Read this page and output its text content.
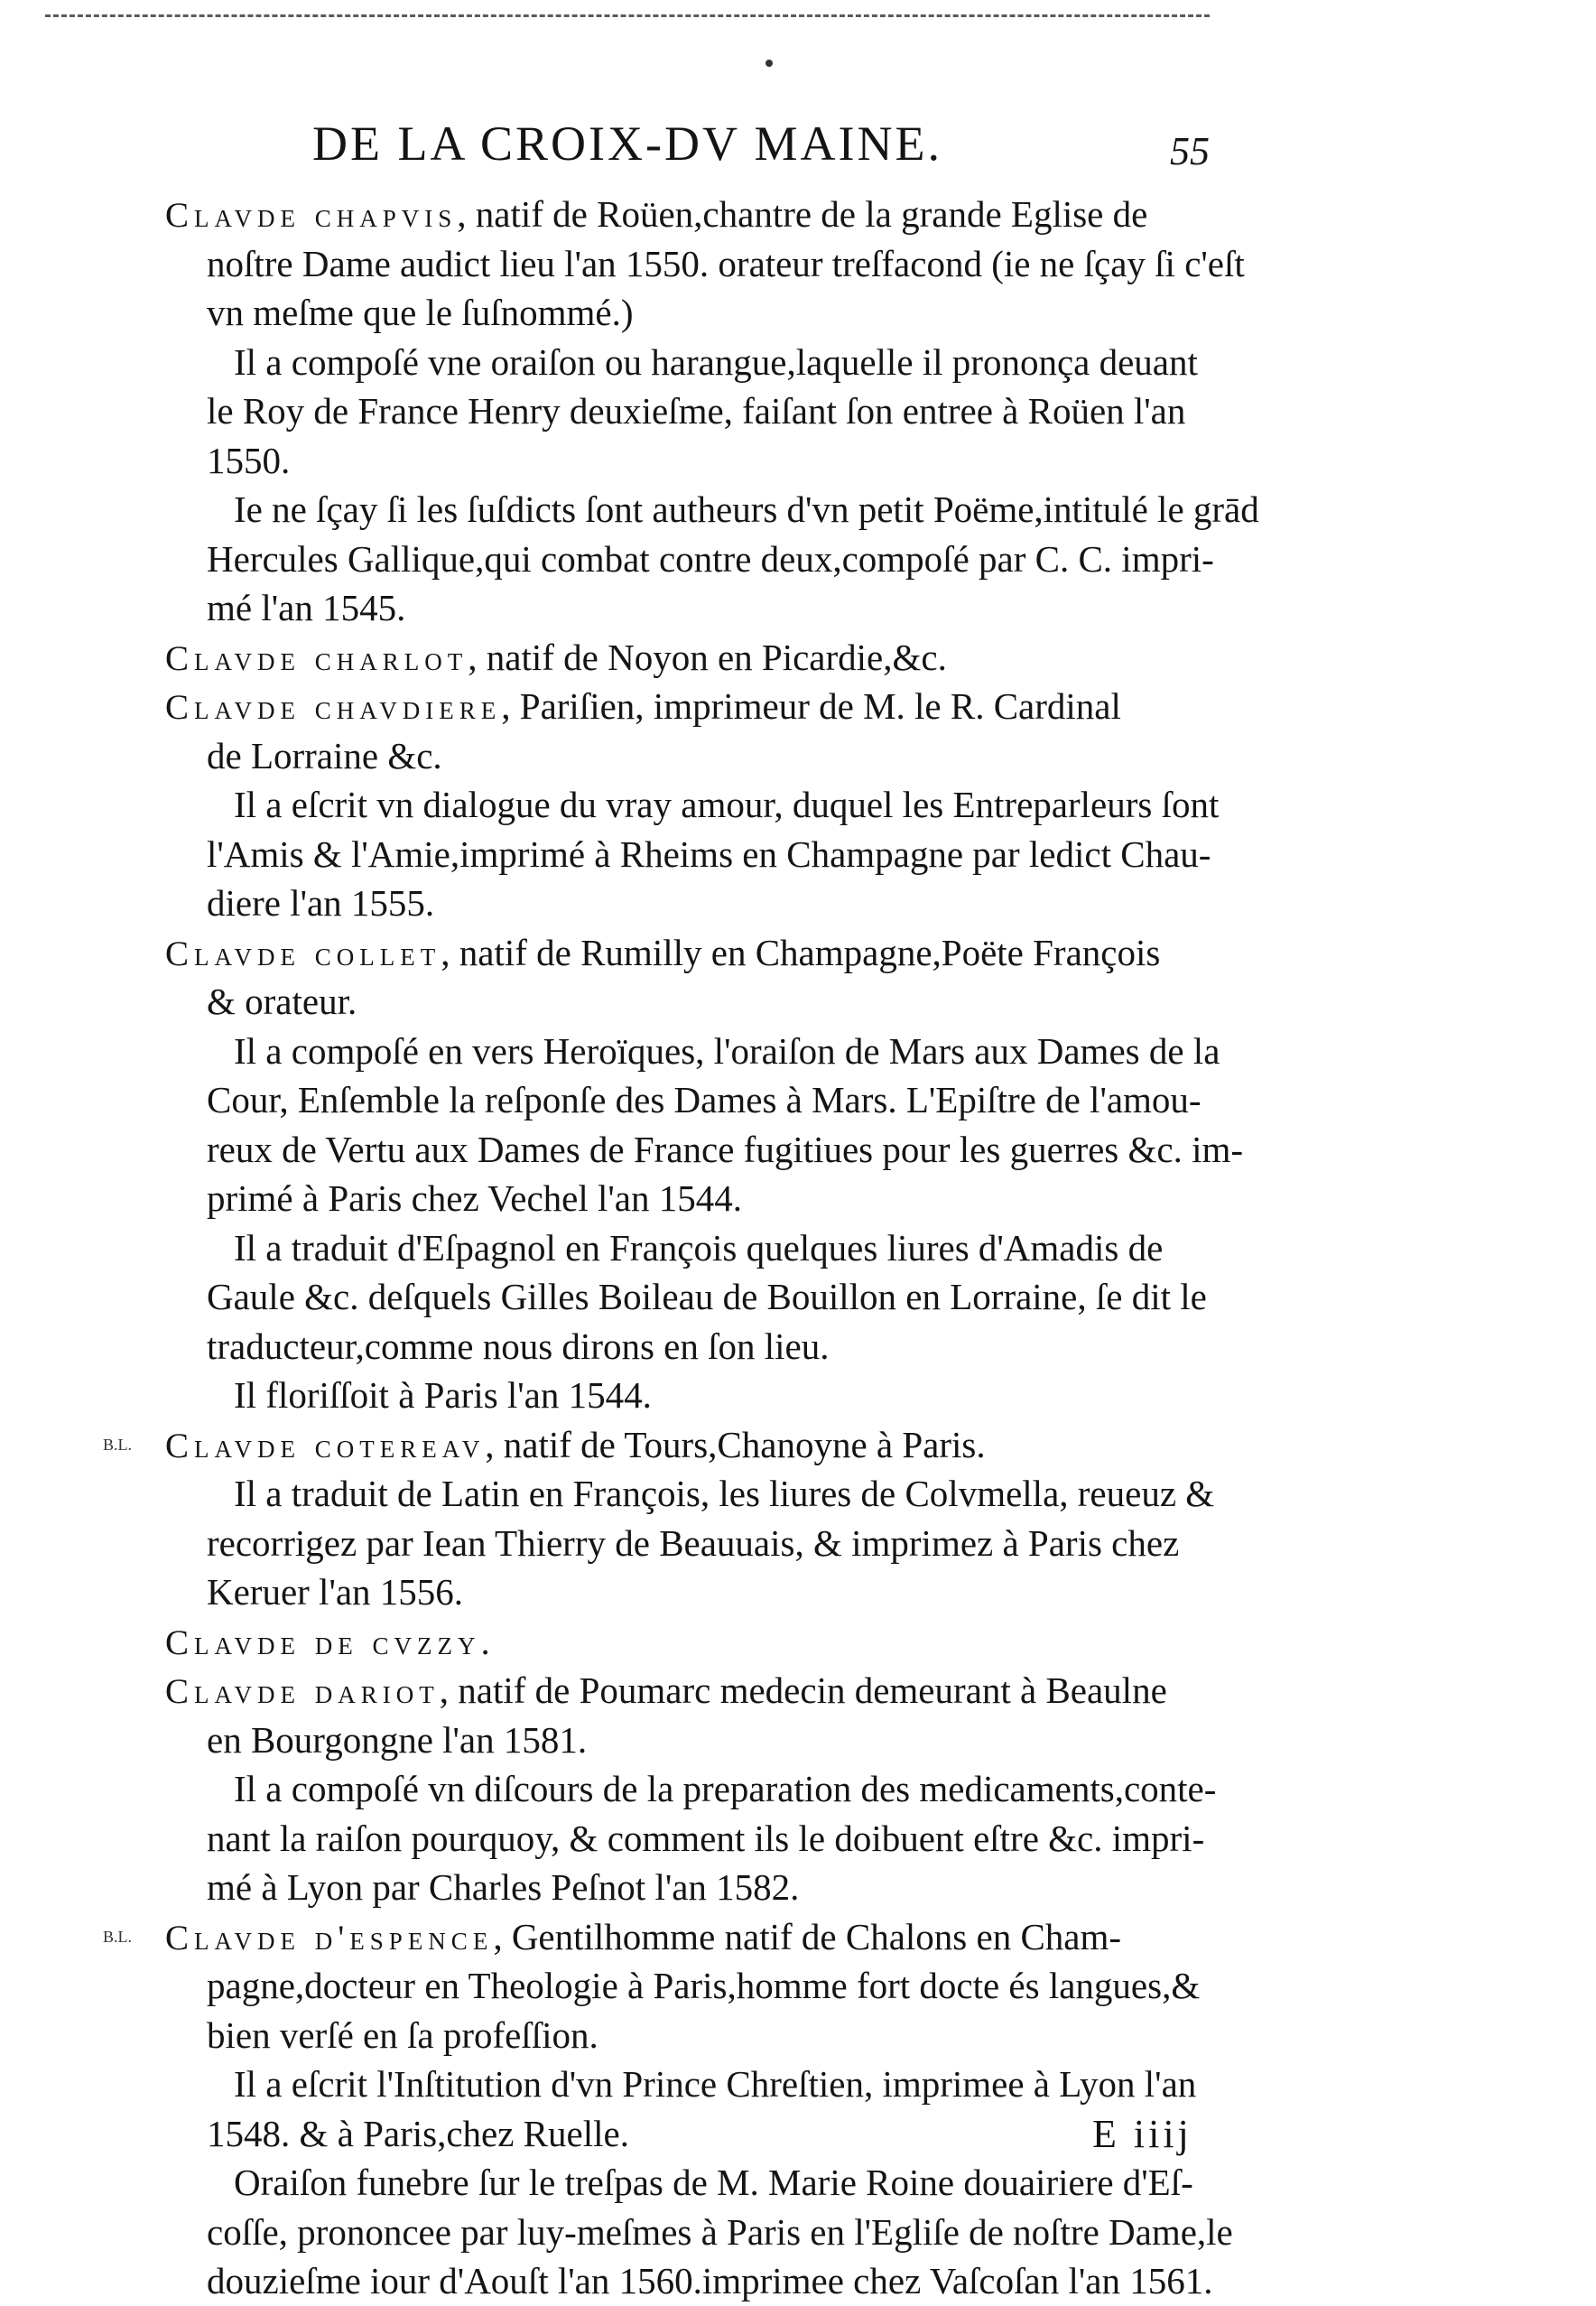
DE LA CROIX-DV MAINE.	55
Clavde chapvis, natif de Roüen,chantre de la grande Eglise de
noſtre Dame audict lieu l'an 1550. orateur treſfacond (ie ne ſçay ſi c'eſt
vn meſme que le ſuſnommé.)
Il a compoſé vne oraiſon ou harangue,laquelle il prononça deuant
le Roy de France Henry deuxieſme, faiſant ſon entree à Roüen l'an
1550.
Ie ne ſçay ſi les ſuſdicts ſont autheurs d'vn petit Poëme,intitulé le grād
Hercules Gallique,qui combat contre deux,compoſé par C. C. impri-
mé l'an 1545.
Clavde charlot, natif de Noyon en Picardie,&c.
Clavde chavdiere, Pariſien, imprimeur de M. le R. Cardinal
de Lorraine &c.
Il a eſcrit vn dialogue du vray amour, duquel les Entreparleurs ſont
l'Amis & l'Amie,imprimé à Rheims en Champagne par ledict Chau-
diere l'an 1555.
Clavde collet, natif de Rumilly en Champagne,Poëte François
& orateur.
Il a compoſé en vers Heroïques, l'oraiſon de Mars aux Dames de la
Cour, Enſemble la reſponſe des Dames à Mars. L'Epiſtre de l'amou-
reux de Vertu aux Dames de France fugitiues pour les guerres &c. im-
primé à Paris chez Vechel l'an 1544.
Il a traduit d'Eſpagnol en François quelques liures d'Amadis de
Gaule &c. deſquels Gilles Boileau de Bouillon en Lorraine, ſe dit le
traducteur,comme nous dirons en ſon lieu.
Il floriſſoit à Paris l'an 1544.
B.L. Clavde cotereav, natif de Tours,Chanoyne à Paris.
Il a traduit de Latin en François, les liures de Colvmella, reueuz &
recorrigez par Iean Thierry de Beauuais, & imprimez à Paris chez
Keruer l'an 1556.
Clavde de cvzzy.
Clavde dariot, natif de Poumarc medecin demeurant à Beaulne
en Bourgongne l'an 1581.
Il a compoſé vn diſcours de la preparation des medicaments,conte-
nant la raiſon pourquoy, & comment ils le doibuent eſtre &c. impri-
mé à Lyon par Charles Peſnot l'an 1582.
B.L. Clavde d'espence, Gentilhomme natif de Chalons en Cham-
pagne,docteur en Theologie à Paris,homme fort docte és langues,&
bien verſé en ſa profeſſion.
Il a eſcrit l'Inſtitution d'vn Prince Chreſtien, imprimee à Lyon l'an
1548. & à Paris,chez Ruelle.
Oraiſon funebre ſur le treſpas de M. Marie Roine douairiere d'Eſ-
coſſe, prononcee par luy-meſmes à Paris en l'Egliſe de noſtre Dame,le
douzieſme iour d'Aouſt l'an 1560.imprimee chez Vaſcoſan l'an 1561.
E iiij
